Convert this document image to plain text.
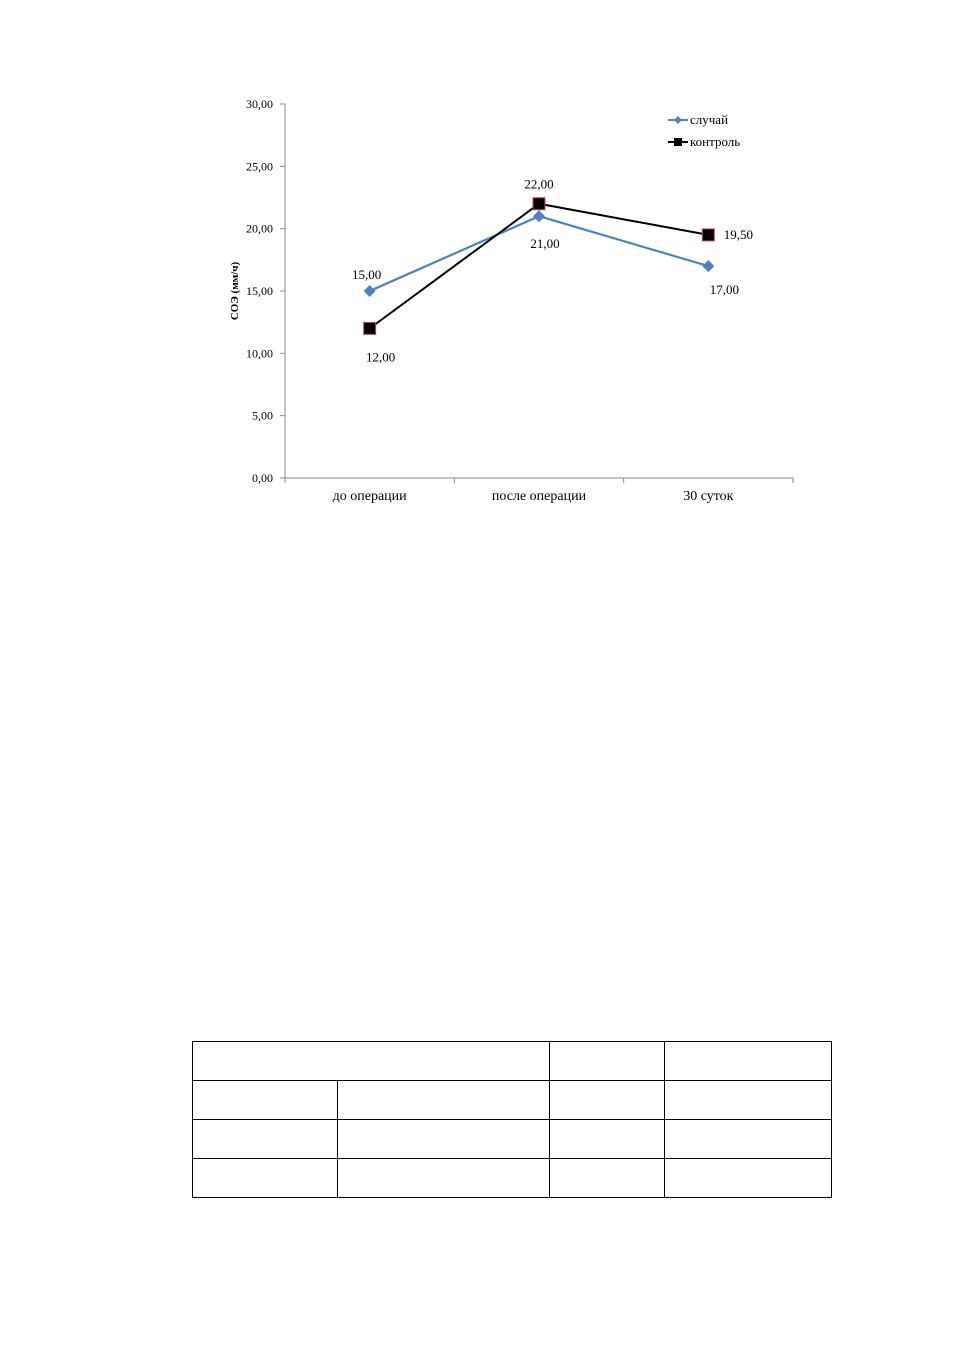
0,00
5,00
10,00
15,00
20,00
25,00
30,00
до операции	после операции	30 суток
СОЭ (мм/ч)	15,00
21,00
17,00
12,00
22,00
19,50
случай
контроль
